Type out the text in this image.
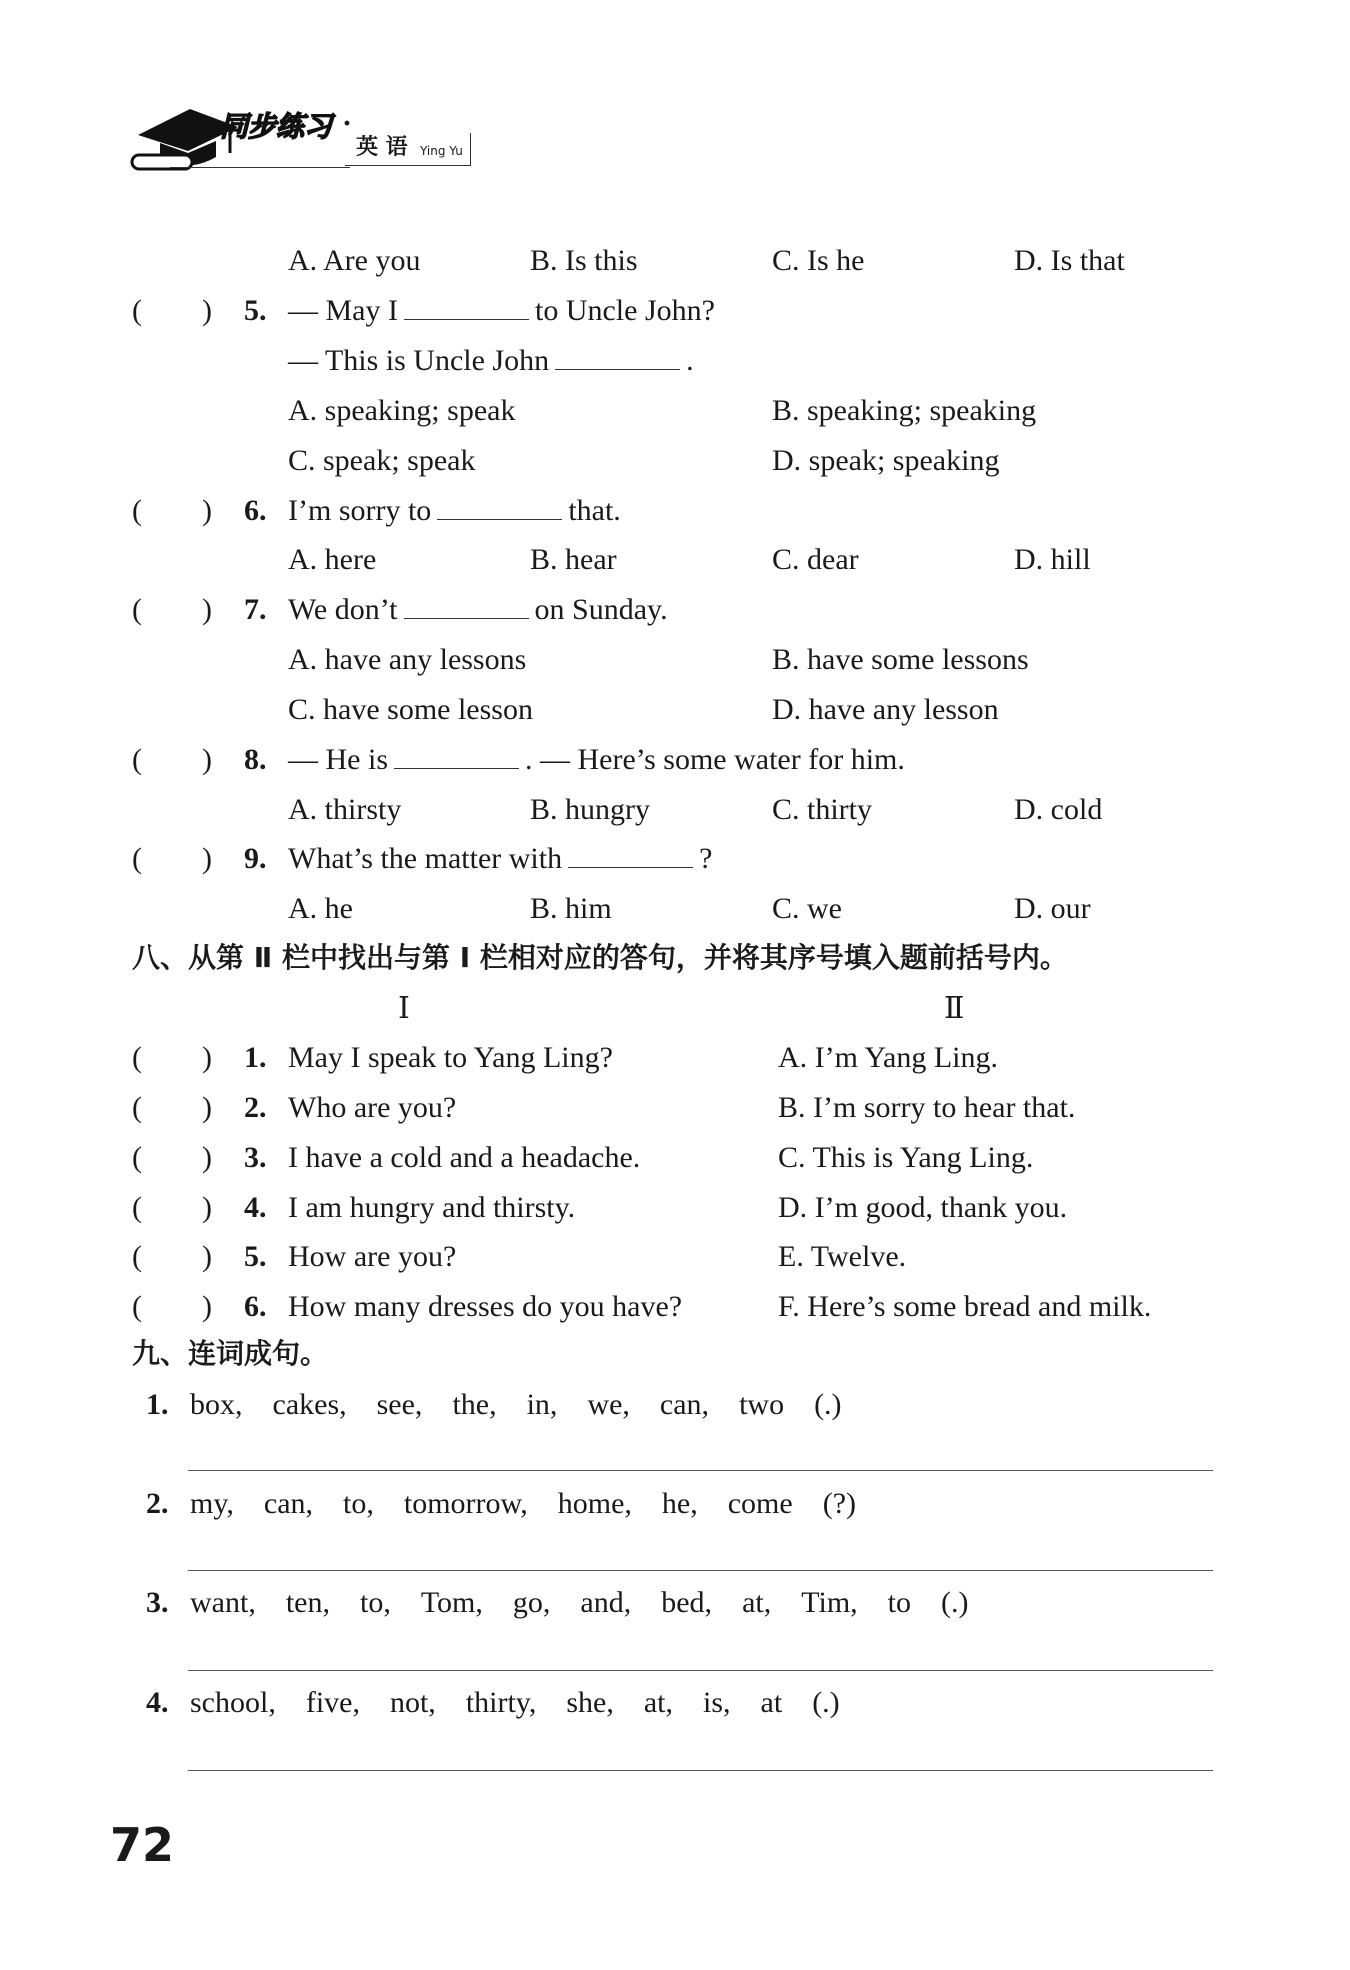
同步练习 ·
英 语 Ying Yu
A. Are you	B. Is this	C. Is he	D. Is that
(　　) 5. — May I	to Uncle John?
— This is Uncle John	.
A. speaking; speak	B. speaking; speaking
C. speak; speak	D. speak; speaking
(　　) 6. I’m sorry to	that.
A. here	B. hear	C. dear	D. hill
(　　) 7. We don’t	on Sunday.
A. have any lessons	B. have some lessons
C. have some lesson	D. have any lesson
(　　) 8. — He is	. — Here’s some water for him.
A. thirsty	B. hungry	C. thirty	D. cold
(　　) 9. What’s the matter with	?
A. he	B. him	C. we	D. our
八、从第 Ⅱ 栏中找出与第 Ⅰ 栏相对应的答句，并将其序号填入题前括号内。
Ⅰ	Ⅱ
(　　) 1. May I speak to Yang Ling?	A. I’m Yang Ling.
(　　) 2. Who are you?	B. I’m sorry to hear that.
(　　) 3. I have a cold and a headache.	C. This is Yang Ling.
(　　) 4. I am hungry and thirsty.	D. I’m good, thank you.
(　　) 5. How are you?	E. Twelve.
(　　) 6. How many dresses do you have?	F. Here’s some bread and milk.
九、连词成句。
1. box, cakes, see, the, in, we, can, two (.)
2. my, can, to, tomorrow, home, he, come (?)
3. want, ten, to, Tom, go, and, bed, at, Tim, to (.)
4. school, five, not, thirty, she, at, is, at (.)
72
